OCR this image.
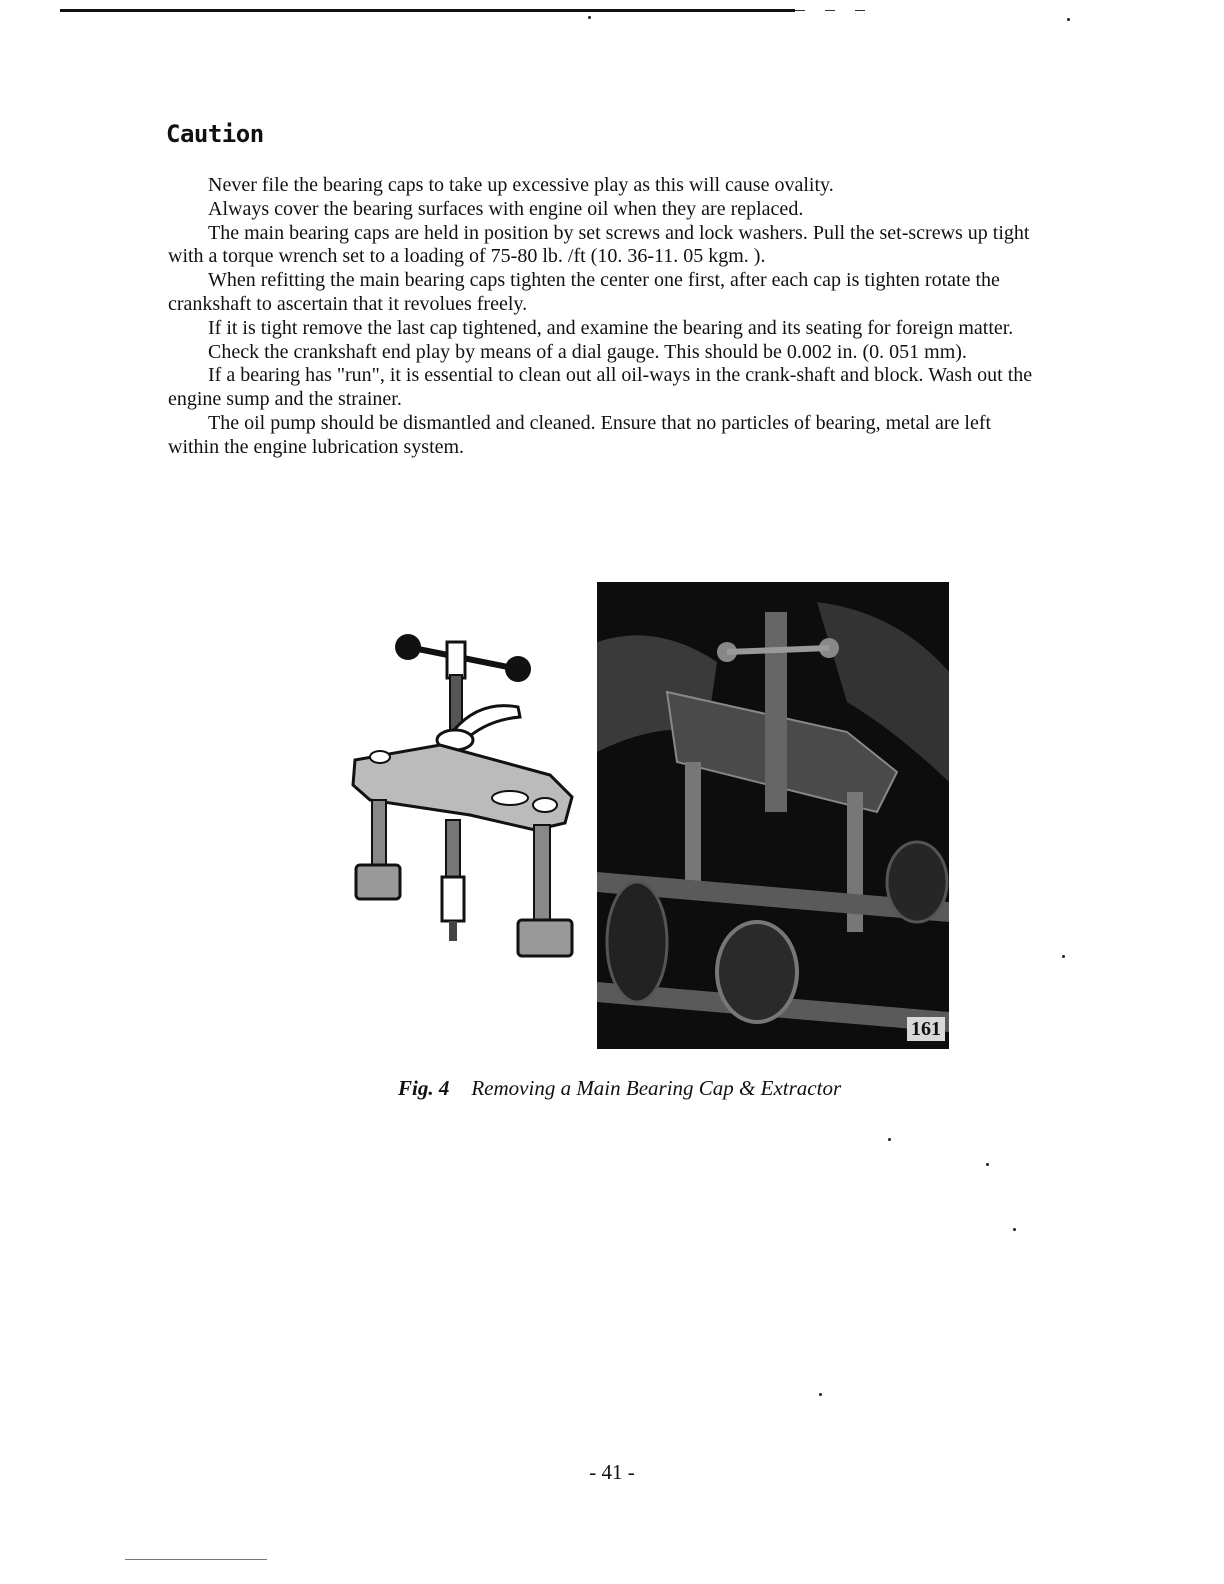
Caution

Never file the bearing caps to take up excessive play as this will cause ovality.

Always cover the bearing surfaces with engine oil when they are replaced.

The main bearing caps are held in position by set screws and lock washers. Pull the set-screws up tight with a torque wrench set to a loading of 75-80 lb. /ft (10. 36-11. 05 kgm. ).

When refitting the main bearing caps tighten the center one first, after each cap is tighten rotate the crankshaft to ascertain that it revolues freely.

If it is tight remove the last cap tightened, and examine the bearing and its seating for foreign matter.

Check the crankshaft end play by means of a dial gauge. This should be 0.002 in. (0. 051 mm).

If a bearing has "run", it is essential to clean out all oil-ways in the crank-shaft and block. Wash out the engine sump and the strainer.

The oil pump should be dismantled and cleaned. Ensure that no particles of bearing, metal are left within the engine lubrication system.

161
Fig. 4 Removing a Main Bearing Cap & Extractor
- 41 -
